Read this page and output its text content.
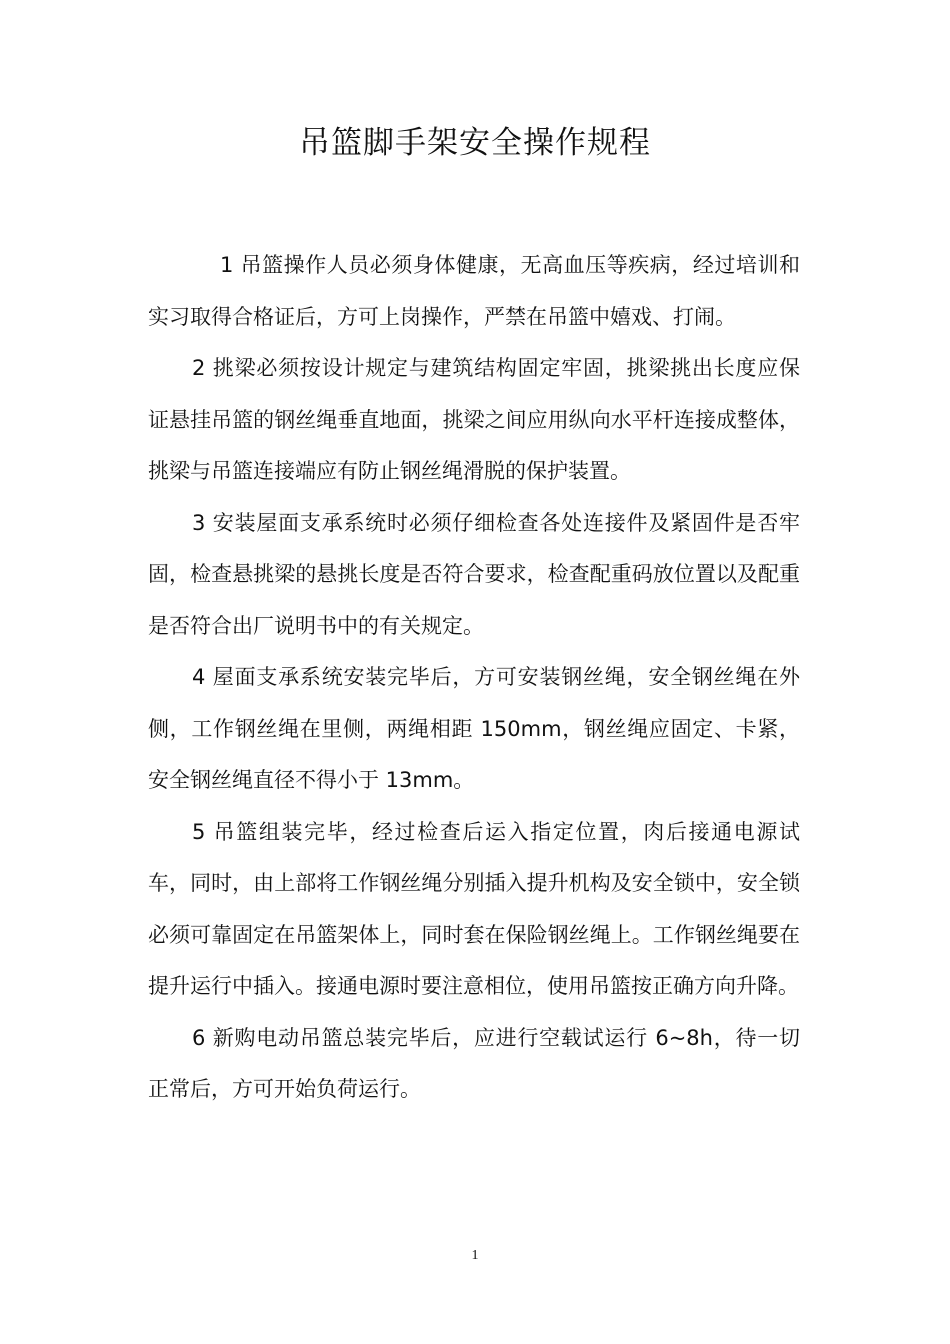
吊篮脚手架安全操作规程

1 吊篮操作人员必须身体健康，无高血压等疾病，经过培训和实习取得合格证后，方可上岗操作，严禁在吊篮中嬉戏、打闹。

2 挑梁必须按设计规定与建筑结构固定牢固，挑梁挑出长度应保证悬挂吊篮的钢丝绳垂直地面，挑梁之间应用纵向水平杆连接成整体，挑梁与吊篮连接端应有防止钢丝绳滑脱的保护装置。

3 安装屋面支承系统时必须仔细检查各处连接件及紧固件是否牢固，检查悬挑梁的悬挑长度是否符合要求，检查配重码放位置以及配重是否符合出厂说明书中的有关规定。

4 屋面支承系统安装完毕后，方可安装钢丝绳，安全钢丝绳在外侧，工作钢丝绳在里侧，两绳相距 150mm，钢丝绳应固定、卡紧，安全钢丝绳直径不得小于 13mm。

5 吊篮组装完毕，经过检查后运入指定位置，肉后接通电源试车，同时，由上部将工作钢丝绳分别插入提升机构及安全锁中，安全锁必须可靠固定在吊篮架体上，同时套在保险钢丝绳上。工作钢丝绳要在提升运行中插入。接通电源时要注意相位，使用吊篮按正确方向升降。

6 新购电动吊篮总装完毕后，应进行空载试运行 6~8h，待一切正常后，方可开始负荷运行。

1
